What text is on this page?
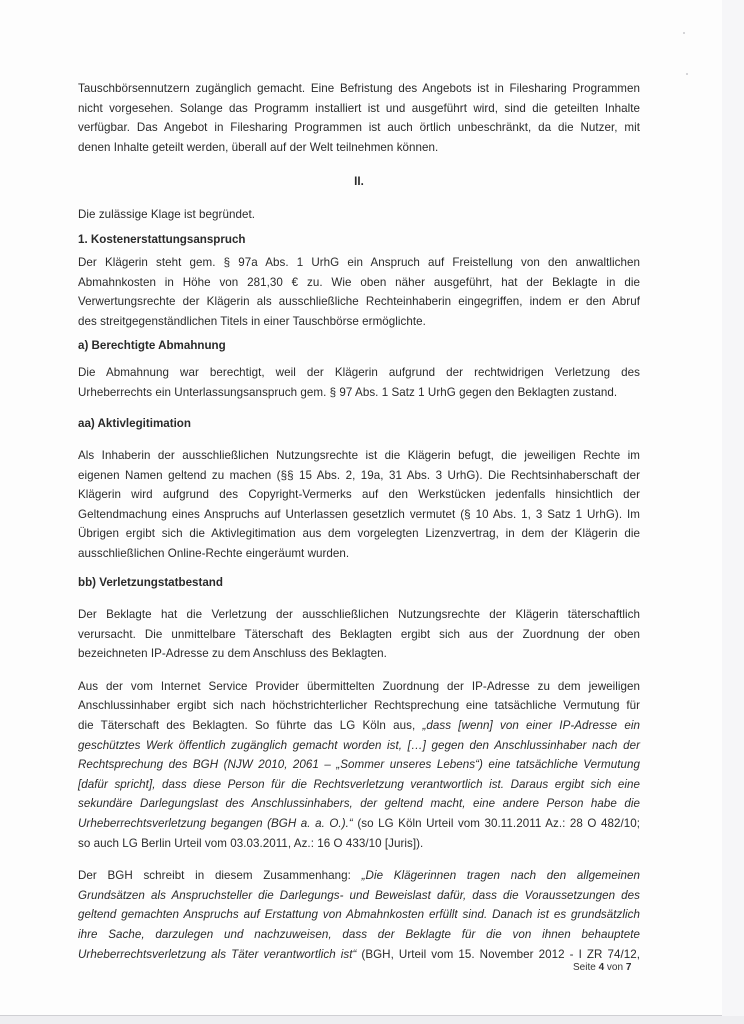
Tauschbörsennutzern zugänglich gemacht. Eine Befristung des Angebots ist in Filesharing Programmen
nicht vorgesehen. Solange das Programm installiert ist und ausgeführt wird, sind die geteilten Inhalte
verfügbar. Das Angebot in Filesharing Programmen ist auch örtlich unbeschränkt, da die Nutzer, mit
denen Inhalte geteilt werden, überall auf der Welt teilnehmen können.
II.
Die zulässige Klage ist begründet.
1. Kostenerstattungsanspruch
Der Klägerin steht gem. § 97a Abs. 1 UrhG ein Anspruch auf Freistellung von den anwaltlichen
Abmahnkosten in Höhe von 281,30 € zu. Wie oben näher ausgeführt, hat der Beklagte in die
Verwertungsrechte der Klägerin als ausschließliche Rechteinhaberin eingegriffen, indem er den Abruf
des streitgegenständlichen Titels in einer Tauschbörse ermöglichte.
a) Berechtigte Abmahnung
Die Abmahnung war berechtigt, weil der Klägerin aufgrund der rechtwidrigen Verletzung des
Urheberrechts ein Unterlassungsanspruch gem. § 97 Abs. 1 Satz 1 UrhG gegen den Beklagten zustand.
aa) Aktivlegitimation
Als Inhaberin der ausschließlichen Nutzungsrechte ist die Klägerin befugt, die jeweiligen Rechte im
eigenen Namen geltend zu machen (§§ 15 Abs. 2, 19a, 31 Abs. 3 UrhG). Die Rechtsinhaberschaft der
Klägerin wird aufgrund des Copyright-Vermerks auf den Werkstücken jedenfalls hinsichtlich der
Geltendmachung eines Anspruchs auf Unterlassen gesetzlich vermutet (§ 10 Abs. 1, 3 Satz 1 UrhG). Im
Übrigen ergibt sich die Aktivlegitimation aus dem vorgelegten Lizenzvertrag, in dem der Klägerin die
ausschließlichen Online-Rechte eingeräumt wurden.
bb) Verletzungstatbestand
Der Beklagte hat die Verletzung der ausschließlichen Nutzungsrechte der Klägerin täterschaftlich
verursacht. Die unmittelbare Täterschaft des Beklagten ergibt sich aus der Zuordnung der oben
bezeichneten IP-Adresse zu dem Anschluss des Beklagten.
Aus der vom Internet Service Provider übermittelten Zuordnung der IP-Adresse zu dem jeweiligen
Anschlussinhaber ergibt sich nach höchstrichterlicher Rechtsprechung eine tatsächliche Vermutung für
die Täterschaft des Beklagten. So führte das LG Köln aus, „dass [wenn] von einer IP-Adresse ein
geschütztes Werk öffentlich zugänglich gemacht worden ist, […] gegen den Anschlussinhaber nach der
Rechtsprechung des BGH (NJW 2010, 2061 – „Sommer unseres Lebens“) eine tatsächliche Vermutung
[dafür spricht], dass diese Person für die Rechtsverletzung verantwortlich ist. Daraus ergibt sich eine
sekundäre Darlegungslast des Anschlussinhabers, der geltend macht, eine andere Person habe die
Urheberrechtsverletzung begangen (BGH a. a. O.).“ (so LG Köln Urteil vom 30.11.2011 Az.: 28 O 482/10;
so auch LG Berlin Urteil vom 03.03.2011, Az.: 16 O 433/10 [Juris]).
Der BGH schreibt in diesem Zusammenhang: „Die Klägerinnen tragen nach den allgemeinen
Grundsätzen als Anspruchsteller die Darlegungs- und Beweislast dafür, dass die Voraussetzungen des
geltend gemachten Anspruchs auf Erstattung von Abmahnkosten erfüllt sind. Danach ist es grundsätzlich
ihre Sache, darzulegen und nachzuweisen, dass der Beklagte für die von ihnen behauptete
Urheberrechtsverletzung als Täter verantwortlich ist“ (BGH, Urteil vom 15. November 2012 - I ZR 74/12,
Seite 4 von 7
